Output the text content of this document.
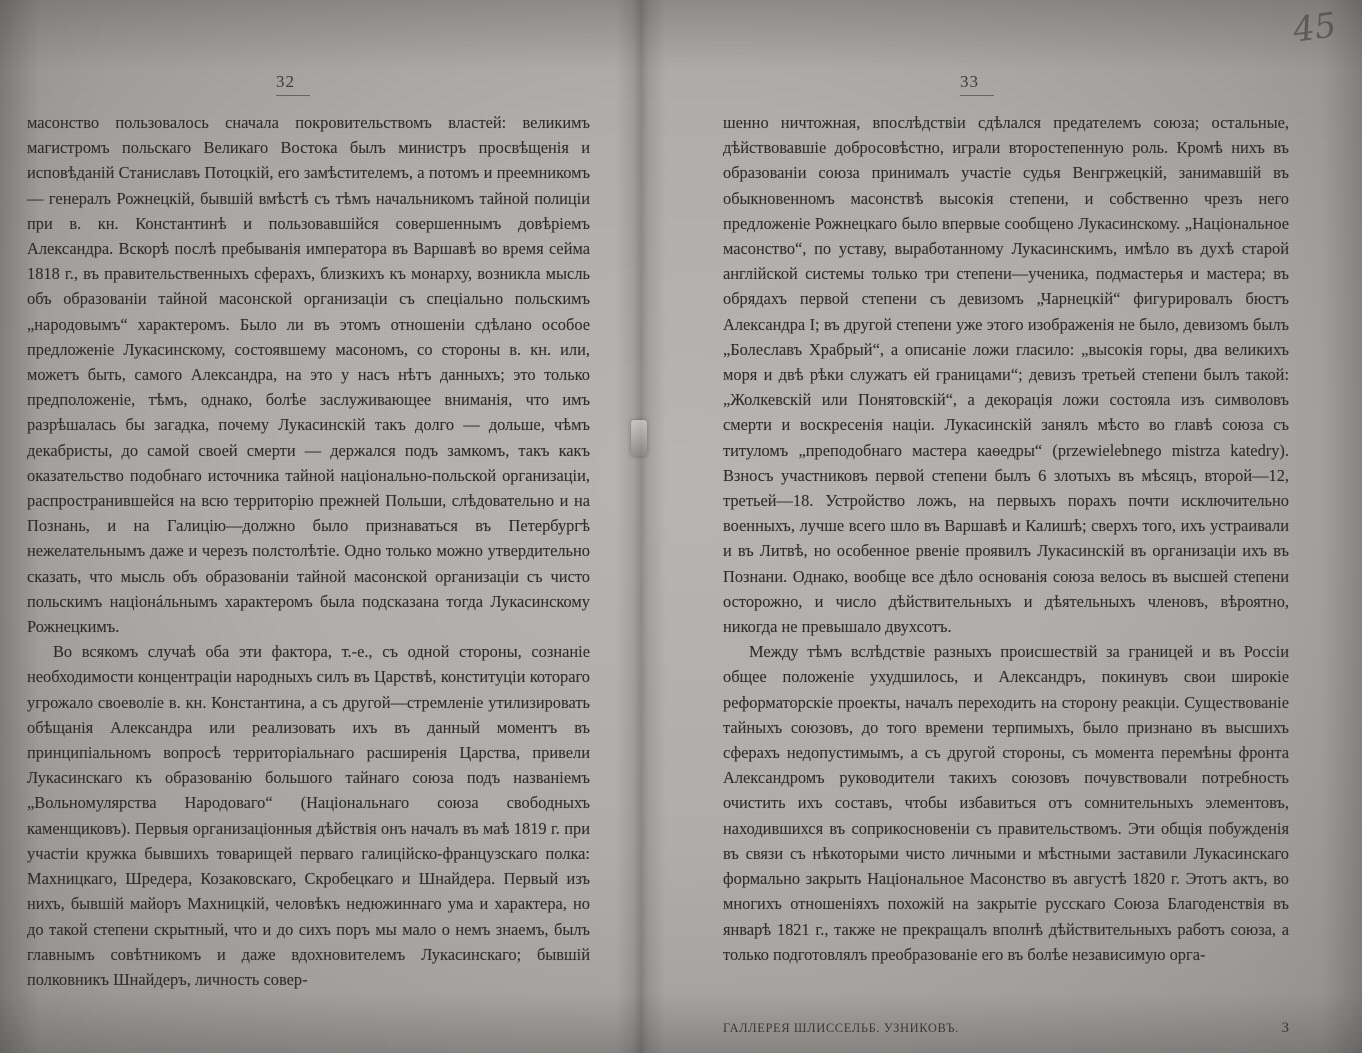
45
32

масонство пользовалось сначала покровительствомъ властей: великимъ магистромъ польскаго Великаго Востока былъ министръ просвѣщенія и исповѣданій Станиславъ Потоцкій, его замѣстителемъ, а потомъ и преемникомъ — генералъ Рожнецкій, бывшій вмѣстѣ съ тѣмъ начальникомъ тайной полиціи при в. кн. Константинѣ и пользовавшійся совершеннымъ довѣріемъ Александра. Вскорѣ послѣ пребыванія императора въ Варшавѣ во время сейма 1818 г., въ правительственныхъ сферахъ, близкихъ къ монарху, возникла мысль объ образованіи тайной масонской организаціи съ спеціально польскимъ „народовымъ“ характеромъ. Было ли въ этомъ отношеніи сдѣлано особое предложеніе Лукасинскому, состоявшему масономъ, со стороны в. кн. или, можетъ быть, самого Александра, на это у насъ нѣтъ данныхъ; это только предположеніе, тѣмъ, однако, болѣе заслуживающее вниманія, что имъ разрѣшалась бы загадка, почему Лукасинскій такъ долго — дольше, чѣмъ декабристы, до самой своей смерти — держался подъ замкомъ, такъ какъ оказательство подобнаго источника тайной національно-польской организаціи, распространившейся на всю территорію прежней Польши, слѣдовательно и на Познань, и на Галицію—должно было признаваться въ Петербургѣ нежелательнымъ даже и черезъ полстолѣтіе. Одно только можно утвердительно сказать, что мысль объ образованіи тайной масонской организаціи съ чисто польскимъ націонáльнымъ характеромъ была подсказана тогда Лукасинскому Рожнецкимъ.

Во всякомъ случаѣ оба эти фактора, т.-е., съ одной стороны, сознаніе необходимости концентраціи народныхъ силъ въ Царствѣ, конституціи котораго угрожало своеволіе в. кн. Константина, а съ другой—стремленіе утилизировать обѣщанія Александра или реализовать ихъ въ данный моментъ въ принципіальномъ вопросѣ территоріальнаго расширенія Царства, привели Лукасинскаго къ образованію большого тайнаго союза подъ названіемъ „Вольномулярства Народоваго“ (Національнаго союза свободныхъ каменщиковъ). Первыя организаціонныя дѣйствія онъ началъ въ маѣ 1819 г. при участіи кружка бывшихъ товарищей перваго галиційско-французскаго полка: Махницкаго, Шредера, Козаковскаго, Скробецкаго и Шнайдера. Первый изъ нихъ, бывшій майоръ Махницкій, человѣкъ недюжиннаго ума и характера, но до такой степени скрытный, что и до сихъ поръ мы мало о немъ знаемъ, былъ главнымъ совѣтникомъ и даже вдохновителемъ Лукасинскаго; бывшій полковникъ Шнайдеръ, личность совер-

33

шенно ничтожная, впослѣдствіи сдѣлался предателемъ союза; остальные, дѣйствовавшіе добросовѣстно, играли второстепенную роль. Кромѣ нихъ въ образованіи союза принималъ участіе судья Венгржецкій, занимавшій въ обыкновенномъ масонствѣ высокія степени, и собственно чрезъ него предложеніе Рожнецкаго было впервые сообщено Лукасинскому. „Національное масонство“, по уставу, выработанному Лукасинскимъ, имѣло въ духѣ старой англійской системы только три степени—ученика, подмастерья и мастера; въ обрядахъ первой степени съ девизомъ „Чарнецкій“ фигурировалъ бюстъ Александра I; въ другой степени уже этого изображенія не было, девизомъ былъ „Болеславъ Храбрый“, а описаніе ложи гласило: „высокія горы, два великихъ моря и двѣ рѣки служатъ ей границами“; девизъ третьей степени былъ такой: „Жолкевскій или Понятовскій“, а декорація ложи состояла изъ символовъ смерти и воскресенія націи. Лукасинскій занялъ мѣсто во главѣ союза съ титуломъ „преподобнаго мастера каѳедры“ (przewielebnego mistrza katedry). Взносъ участниковъ первой степени былъ 6 злотыхъ въ мѣсяцъ, второй—12, третьей—18. Устройство ложъ, на первыхъ порахъ почти исключительно военныхъ, лучше всего шло въ Варшавѣ и Калишѣ; сверхъ того, ихъ устраивали и въ Литвѣ, но особенное рвеніе проявилъ Лукасинскій въ организаціи ихъ въ Познани. Однако, вообще все дѣло основанія союза велось въ высшей степени осторожно, и число дѣйствительныхъ и дѣятельныхъ членовъ, вѣроятно, никогда не превышало двухсотъ.

Между тѣмъ вслѣдствіе разныхъ происшествій за границей и въ Россіи общее положеніе ухудшилось, и Александръ, покинувъ свои широкіе реформаторскіе проекты, началъ переходить на сторону реакціи. Существованіе тайныхъ союзовъ, до того времени терпимыхъ, было признано въ высшихъ сферахъ недопустимымъ, а съ другой стороны, съ момента перемѣны фронта Александромъ руководители такихъ союзовъ почувствовали потребность очистить ихъ составъ, чтобы избавиться отъ сомнительныхъ элементовъ, находившихся въ соприкосновеніи съ правительствомъ. Эти общія побужденія въ связи съ нѣкоторыми чисто личными и мѣстными заставили Лукасинскаго формально закрыть Національное Масонство въ августѣ 1820 г. Этотъ актъ, во многихъ отношеніяхъ похожій на закрытіе русскаго Союза Благоденствія въ январѣ 1821 г., также не прекращалъ вполнѣ дѣйствительныхъ работъ союза, а только подготовлялъ преобразованіе его въ болѣе независимую орга-

ГАЛЛЕРЕЯ ШЛИССЕЛЬБ. УЗНИКОВЪ.	3
